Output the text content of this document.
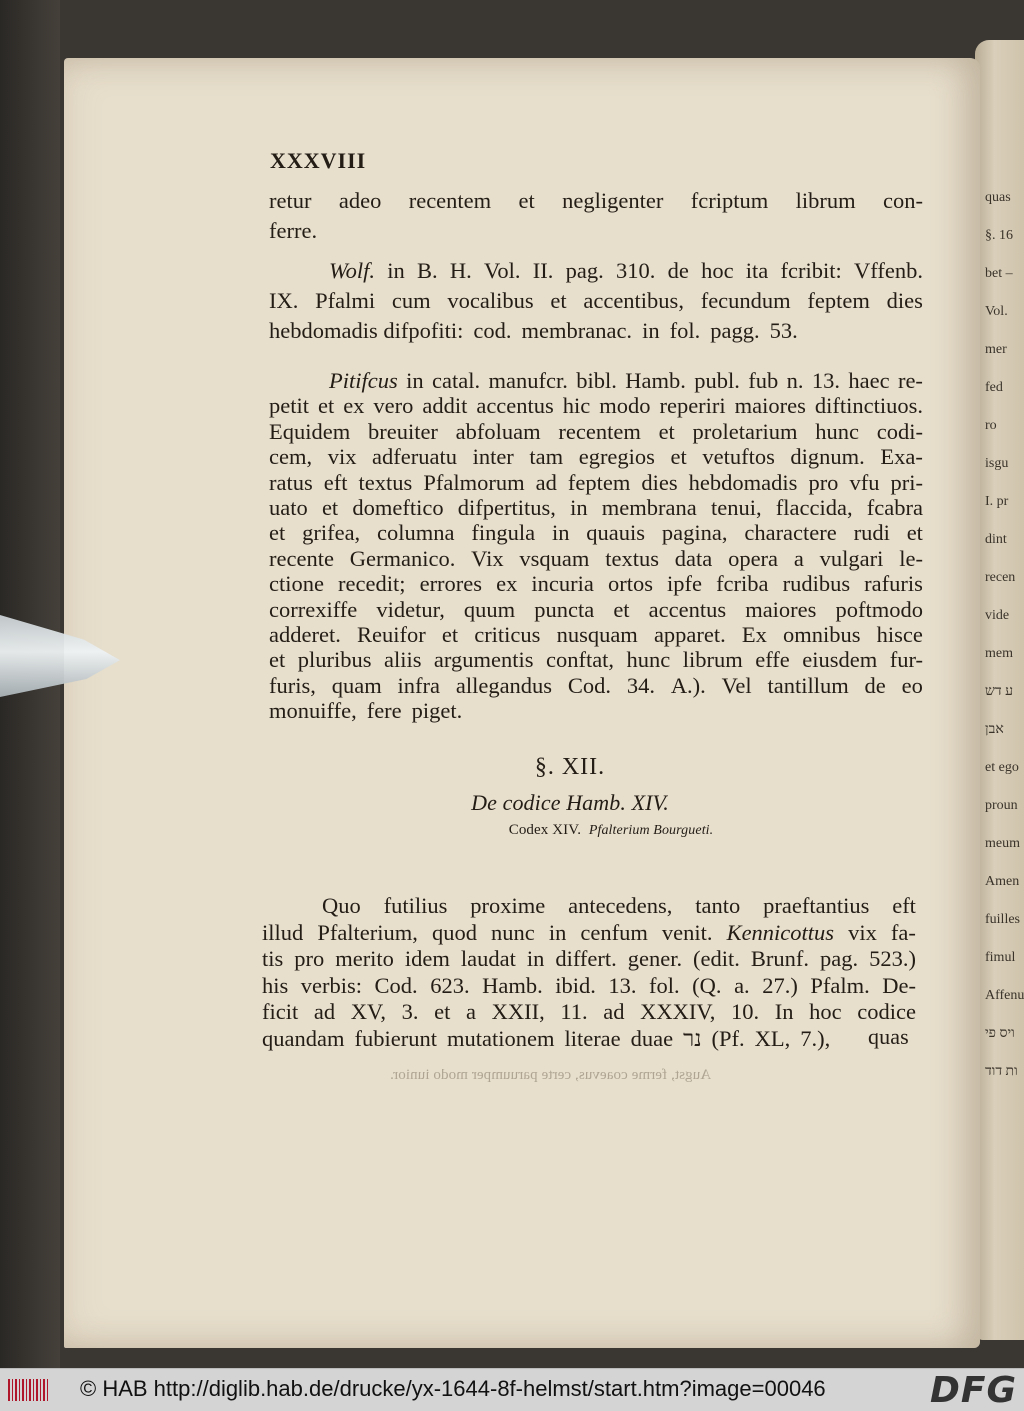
quas
§. 16
bet –
Vol.
mer
fed
ro
isgu
I. pr
dint
recen
vide
mem
ע דש
אבן
et ego
proun
meum
Amen
fuilles
fimul
Affenu
ויס פי
ות דוד
XXXVIII
retur adeo recentem et negligenter fcriptum librum con-
ferre.
Wolf. in B. H. Vol. II. pag. 310. de hoc ita fcribit: Vffenb.
IX. Pfalmi cum vocalibus et accentibus, fecundum feptem dies
hebdomadis difpofiti: cod. membranac. in fol. pagg. 53.
Pitifcus in catal. manufcr. bibl. Hamb. publ. fub n. 13. haec re-
petit et ex vero addit accentus hic modo reperiri maiores diftinctiuos.
Equidem breuiter abfoluam recentem et proletarium hunc codi-
cem, vix adferuatu inter tam egregios et vetuftos dignum. Exa-
ratus eft textus Pfalmorum ad feptem dies hebdomadis pro vfu pri-
uato et domeftico difpertitus, in membrana tenui, flaccida, fcabra
et grifea, columna fingula in quauis pagina, charactere rudi et
recente Germanico. Vix vsquam textus data opera a vulgari le-
ctione recedit; errores ex incuria ortos ipfe fcriba rudibus rafuris
correxiffe videtur, quum puncta et accentus maiores poftmodo
adderet. Reuifor et criticus nusquam apparet. Ex omnibus hisce
et pluribus aliis argumentis conftat, hunc librum effe eiusdem fur-
furis, quam infra allegandus Cod. 34. A.). Vel tantillum de eo
monuiffe, fere piget.
§. XII.
De codice Hamb. XIV.
Codex XIV. Pfalterium Bourgueti.
Quo futilius proxime antecedens, tanto praeftantius eft
illud Pfalterium, quod nunc in cenfum venit. Kennicottus vix fa-
tis pro merito idem laudat in differt. gener. (edit. Brunf. pag. 523.)
his verbis: Cod. 623. Hamb. ibid. 13. fol. (Q. a. 27.) Pfalm. De-
ficit ad XV, 3. et a XXII, 11. ad XXXIV, 10. In hoc codice
quandam fubierunt mutationem literae duae נר (Pf. XL, 7.), quas
Augst, ferme coaevus, certe paruumper modo iunior.
© HAB http://diglib.hab.de/drucke/yx-1644-8f-helmst/start.htm?image=00046	DFG
